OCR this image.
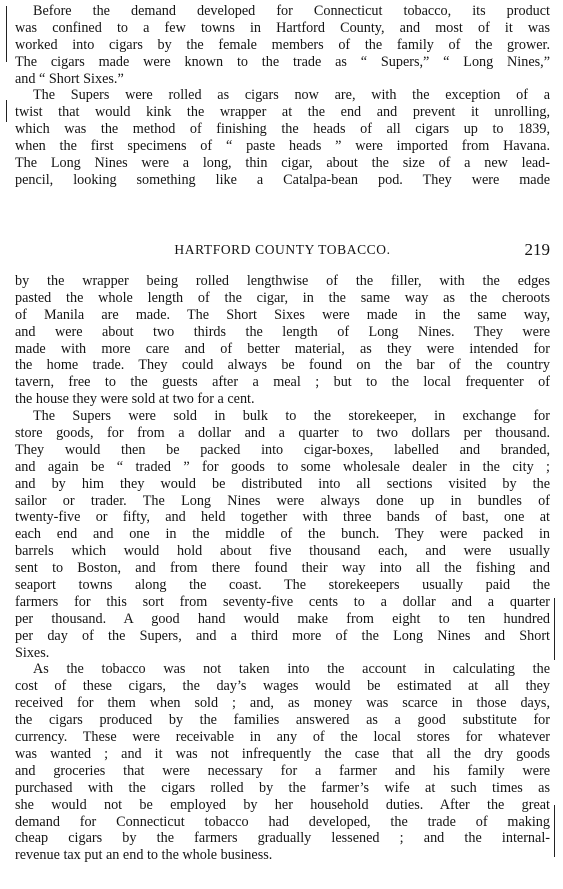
Before the demand developed for Connecticut tobacco, its product
was confined to a few towns in Hartford County, and most of it was
worked into cigars by the female members of the family of the grower.
The cigars made were known to the trade as “ Supers,” “ Long Nines,”
and “ Short Sixes.”
The Supers were rolled as cigars now are, with the exception of a
twist that would kink the wrapper at the end and prevent it unrolling,
which was the method of finishing the heads of all cigars up to 1839,
when the first specimens of “ paste heads ” were imported from Havana.
The Long Nines were a long, thin cigar, about the size of a new lead-
pencil, looking something like a Catalpa-bean pod. They were made
HARTFORD COUNTY TOBACCO.	219
by the wrapper being rolled lengthwise of the filler, with the edges
pasted the whole length of the cigar, in the same way as the cheroots
of Manila are made. The Short Sixes were made in the same way,
and were about two thirds the length of Long Nines. They were
made with more care and of better material, as they were intended for
the home trade. They could always be found on the bar of the country
tavern, free to the guests after a meal ; but to the local frequenter of
the house they were sold at two for a cent.
The Supers were sold in bulk to the storekeeper, in exchange for
store goods, for from a dollar and a quarter to two dollars per thousand.
They would then be packed into cigar-boxes, labelled and branded,
and again be “ traded ” for goods to some wholesale dealer in the city ;
and by him they would be distributed into all sections visited by the
sailor or trader. The Long Nines were always done up in bundles of
twenty-five or fifty, and held together with three bands of bast, one at
each end and one in the middle of the bunch. They were packed in
barrels which would hold about five thousand each, and were usually
sent to Boston, and from there found their way into all the fishing and
seaport towns along the coast. The storekeepers usually paid the
farmers for this sort from seventy-five cents to a dollar and a quarter
per thousand. A good hand would make from eight to ten hundred
per day of the Supers, and a third more of the Long Nines and Short
Sixes.
As the tobacco was not taken into the account in calculating the
cost of these cigars, the day’s wages would be estimated at all they
received for them when sold ; and, as money was scarce in those days,
the cigars produced by the families answered as a good substitute for
currency. These were receivable in any of the local stores for whatever
was wanted ; and it was not infrequently the case that all the dry goods
and groceries that were necessary for a farmer and his family were
purchased with the cigars rolled by the farmer’s wife at such times as
she would not be employed by her household duties. After the great
demand for Connecticut tobacco had developed, the trade of making
cheap cigars by the farmers gradually lessened ; and the internal-
revenue tax put an end to the whole business.
